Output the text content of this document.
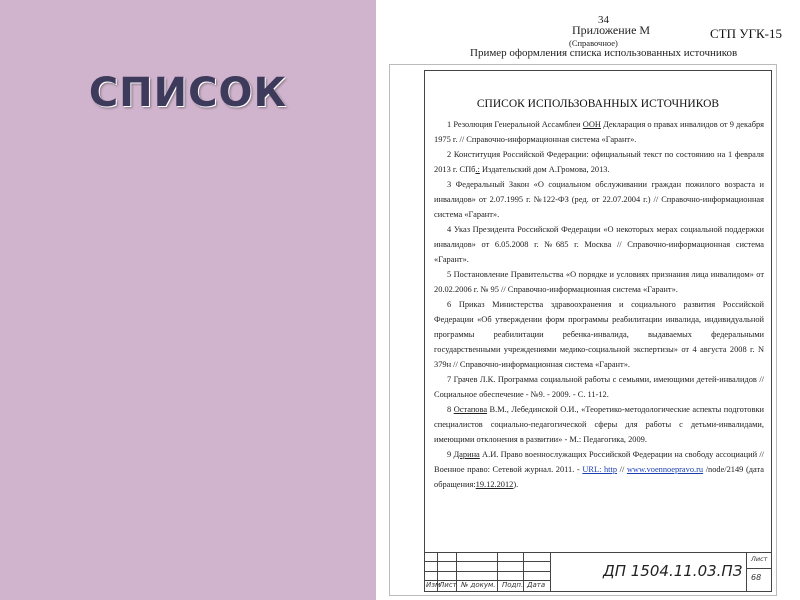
СПИСОК
34
Приложение М
(Справочное)
СТП УГК-15
Пример оформления списка использованных источников
СПИСОК ИСПОЛЬЗОВАННЫХ ИСТОЧНИКОВ

1 Резолюция Генеральной Ассамблеи ООН Декларация о правах инвалидов от 9 декабря 1975 г. // Справочно-информационная система «Гарант».

2 Конституция Российской Федерации: официальный текст по состоянию на 1 февраля 2013 г. СПб.: Издательский дом А.Громова, 2013.

3 Федеральный Закон «О социальном обслуживании граждан пожилого возраста и инвалидов» от 2.07.1995 г. №122-ФЗ (ред. от 22.07.2004 г.) // Справочно-информационная система «Гарант».

4 Указ Президента Российской Федерации «О некоторых мерах социальной поддержки инвалидов» от 6.05.2008 г. №685 г. Москва // Справочно-информационная система «Гарант».

5 Постановление Правительства «О порядке и условиях признания лица инвалидом» от 20.02.2006 г. № 95 // Справочно-информационная система «Гарант».

6 Приказ Министерства здравоохранения и социального развития Российской Федерации «Об утверждении форм программы реабилитации инвалида, индивидуальной программы реабилитации ребенка-инвалида, выдаваемых федеральными государственными учреждениями медико-социальной экспертизы» от 4 августа 2008 г. N 379н // Справочно-информационная система «Гарант».

7 Грачев Л.К. Программа социальной работы с семьями, имеющими детей-инвалидов // Социальное обеспечение - №9. - 2009. - С. 11-12.

8 Остапова В.М., Лебединской О.И., «Теоретико-методологические аспекты подготовки специалистов социально-педагогической сферы для работы с детьми-инвалидами, имеющими отклонения в развитии» - М.: Педагогика, 2009.

9 Дарина А.И. Право военнослужащих Российской Федерации на свободу ассоциаций // Военное право: Сетевой журнал. 2011. - URL: http // www.voennoepravo.ru /node/2149 (дата обращения:19.12.2012).

Изм
Лист № докум. Подп. Дата
ДП 1504.11.03.ПЗ
Лист
68
